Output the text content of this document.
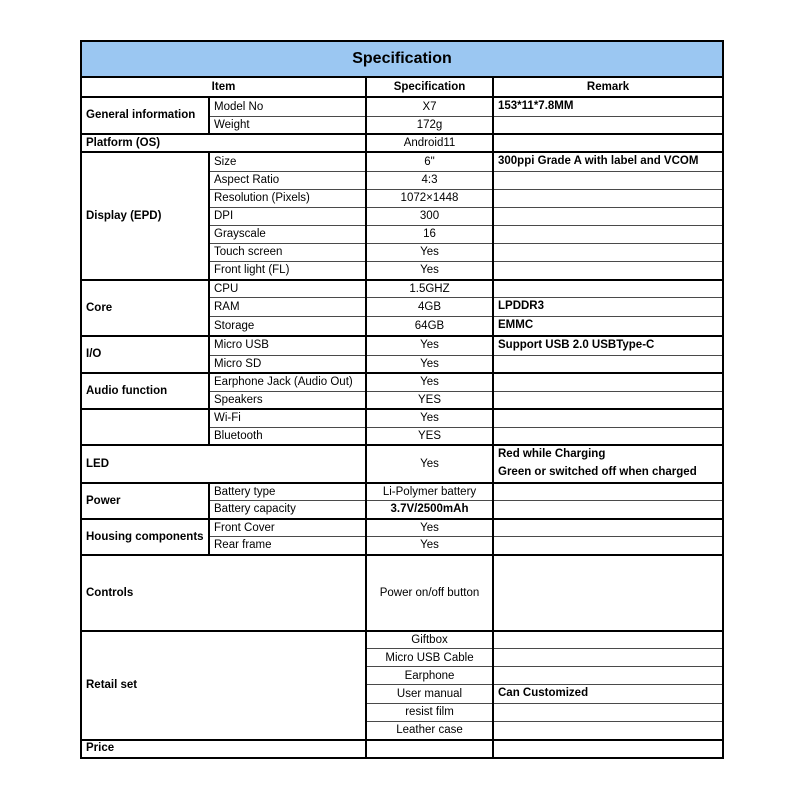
Specification			
Item		Specification	Remark
General information	Model No	X7	153*11*7.8MM
	Weight	172g	
Platform (OS)		Android11	
Display (EPD)	Size	6"	300ppi Grade A with label and VCOM
	Aspect Ratio	4:3	
	Resolution (Pixels)	1072×1448	
	DPI	300	
	Grayscale	16	
	Touch screen	Yes	
	Front light (FL)	Yes	
Core	CPU	1.5GHZ	
	RAM	4GB	LPDDR3
	Storage	64GB	EMMC
I/O	Micro USB	Yes	Support USB 2.0 USBType-C
	Micro SD	Yes	
Audio function	Earphone Jack (Audio Out)	Yes	
	Speakers	YES	
	Wi-Fi	Yes	
	Bluetooth	YES	
LED		Yes	Red while Charging
Green or switched off when charged
Power	Battery type	Li-Polymer battery	
	Battery capacity	3.7V/2500mAh	
Housing components	Front Cover	Yes	
	Rear frame	Yes	
Controls		Power on/off button	
Retail set		Giftbox	
		Micro USB Cable	
		Earphone	
		User manual	Can Customized
		resist film	
		Leather case	
Price			
